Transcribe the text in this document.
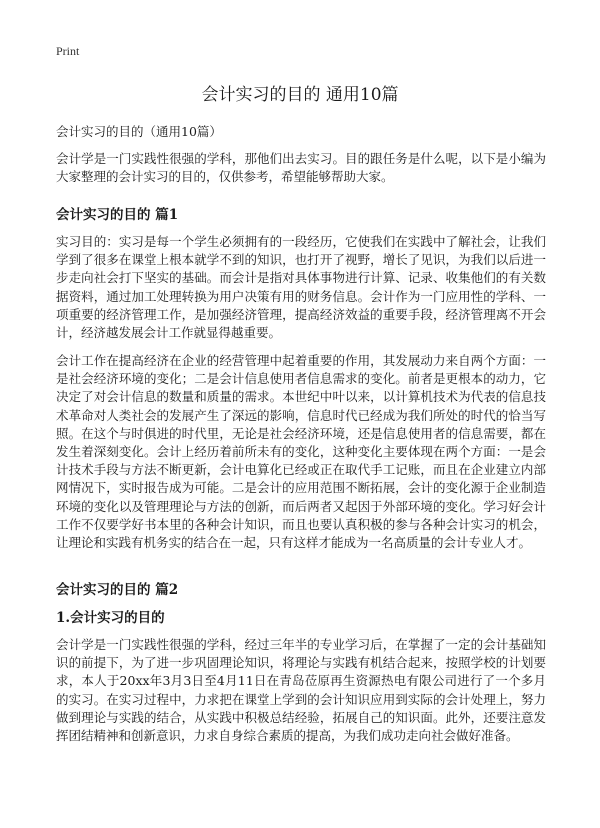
Print
会计实习的目的 通用10篇
会计实习的目的（通用10篇）

会计学是一门实践性很强的学科，那他们出去实习。目的跟任务是什么呢，以下是小编为大家整理的会计实习的目的，仅供参考，希望能够帮助大家。

会计实习的目的 篇1

实习目的：实习是每一个学生必须拥有的一段经历，它使我们在实践中了解社会，让我们学到了很多在课堂上根本就学不到的知识，也打开了视野，增长了见识，为我们以后进一步走向社会打下坚实的基础。而会计是指对具体事物进行计算、记录、收集他们的有关数据资料，通过加工处理转换为用户决策有用的财务信息。会计作为一门应用性的学科、一项重要的经济管理工作，是加强经济管理，提高经济效益的重要手段，经济管理离不开会计，经济越发展会计工作就显得越重要。

会计工作在提高经济在企业的经营管理中起着重要的作用，其发展动力来自两个方面：一是社会经济环境的变化；二是会计信息使用者信息需求的变化。前者是更根本的动力，它决定了对会计信息的数量和质量的需求。本世纪中叶以来，以计算机技术为代表的信息技术革命对人类社会的发展产生了深远的影响，信息时代已经成为我们所处的时代的恰当写照。在这个与时俱进的时代里，无论是社会经济环境，还是信息使用者的信息需要，都在发生着深刻变化。会计上经历着前所未有的变化，这种变化主要体现在两个方面：一是会计技术手段与方法不断更新，会计电算化已经或正在取代手工记账，而且在企业建立内部网情况下，实时报告成为可能。二是会计的应用范围不断拓展，会计的变化源于企业制造环境的变化以及管理理论与方法的创新，而后两者又起因于外部环境的变化。学习好会计工作不仅要学好书本里的各种会计知识，而且也要认真积极的参与各种会计实习的机会，让理论和实践有机务实的结合在一起，只有这样才能成为一名高质量的会计专业人才。

会计实习的目的 篇2
1.会计实习的目的

会计学是一门实践性很强的学科，经过三年半的专业学习后，在掌握了一定的会计基础知识的前提下，为了进一步巩固理论知识，将理论与实践有机结合起来，按照学校的计划要求，本人于20xx年3月3日至4月11日在青岛莅原再生资源热电有限公司进行了一个多月的实习。在实习过程中，力求把在课堂上学到的会计知识应用到实际的会计处理上，努力做到理论与实践的结合，从实践中积极总结经验，拓展自己的知识面。此外，还要注意发挥团结精神和创新意识，力求自身综合素质的提高，为我们成功走向社会做好准备。
